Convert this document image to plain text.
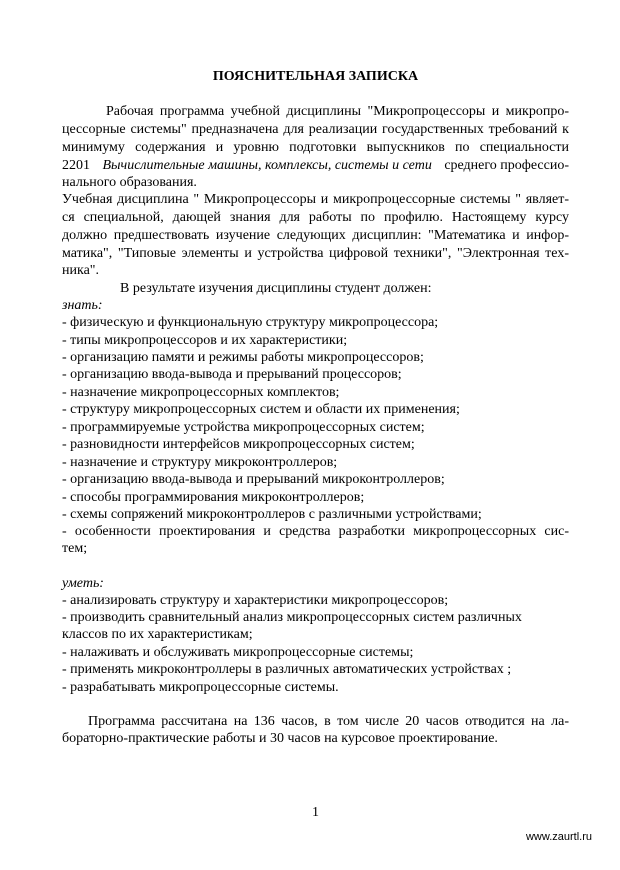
ПОЯСНИТЕЛЬНАЯ ЗАПИСКА
Рабочая программа учебной дисциплины "Микропроцессоры и микропро-
цессорные системы" предназначена для реализации государственных требований к
минимуму содержания и уровню подготовки выпускников по специальности
2201 Вычислительные машины, комплексы, системы и сети среднего профессио-
нального образования.
Учебная дисциплина " Микропроцессоры и микропроцессорные системы " являет-
ся специальной, дающей знания для работы по профилю. Настоящему курсу
должно предшествовать изучение следующих дисциплин: "Математика и инфор-
матика", "Типовые элементы и устройства цифровой техники", "Электронная тех-
ника".
В результате изучения дисциплины студент должен:
знать:
- физическую и функциональную структуру микропроцессора;
- типы микропроцессоров и их характеристики;
- организацию памяти и режимы работы микропроцессоров;
- организацию ввода-вывода и прерываний процессоров;
- назначение микропроцессорных комплектов;
- структуру микропроцессорных систем и области их применения;
- программируемые устройства микропроцессорных систем;
- разновидности интерфейсов микропроцессорных систем;
- назначение и структуру микроконтроллеров;
- организацию ввода-вывода и прерываний микроконтроллеров;
- способы программирования микроконтроллеров;
- схемы сопряжений микроконтроллеров с различными устройствами;
- особенности проектирования и средства разработки микропроцессорных сис-
тем;
уметь:
- анализировать структуру и характеристики микропроцессоров;
- производить сравнительный анализ микропроцессорных систем различных
классов по их характеристикам;
- налаживать и обслуживать микропроцессорные системы;
- применять микроконтроллеры в различных автоматических устройствах ;
- разрабатывать микропроцессорные системы.
Программа рассчитана на 136 часов, в том числе 20 часов отводится на ла-
бораторно-практические работы и 30 часов на курсовое проектирование.
1
www.zaurtl.ru
